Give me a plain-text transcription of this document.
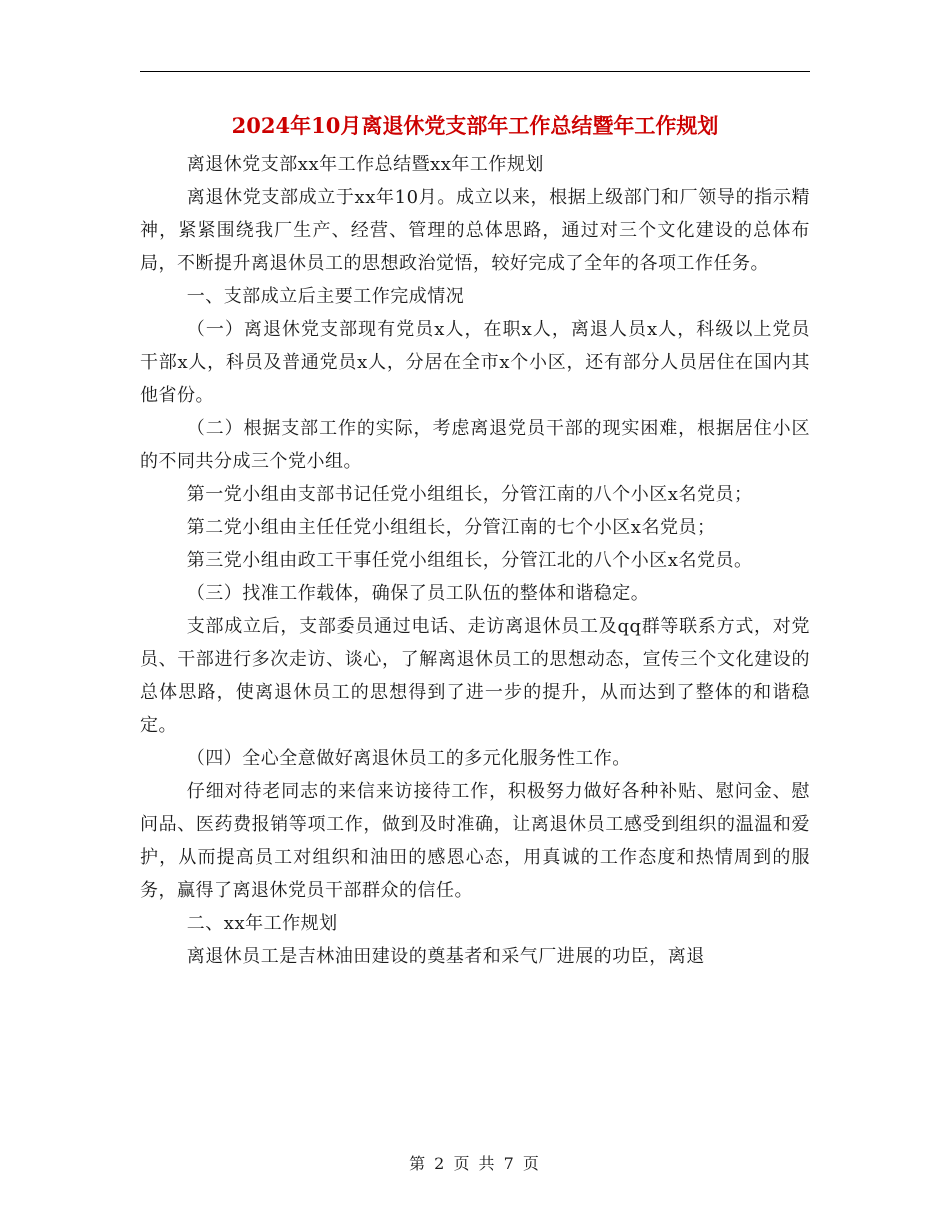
2024年10月离退休党支部年工作总结暨年工作规划

离退休党支部xx年工作总结暨xx年工作规划

离退休党支部成立于xx年10月。成立以来，根据上级部门和厂领导的指示精神，紧紧围绕我厂生产、经营、管理的总体思路，通过对三个文化建设的总体布局，不断提升离退休员工的思想政治觉悟，较好完成了全年的各项工作任务。

一、支部成立后主要工作完成情况

（一）离退休党支部现有党员x人，在职x人，离退人员x人，科级以上党员干部x人，科员及普通党员x人，分居在全市x个小区，还有部分人员居住在国内其他省份。

（二）根据支部工作的实际，考虑离退党员干部的现实困难，根据居住小区的不同共分成三个党小组。

第一党小组由支部书记任党小组组长，分管江南的八个小区x名党员；

第二党小组由主任任党小组组长，分管江南的七个小区x名党员；

第三党小组由政工干事任党小组组长，分管江北的八个小区x名党员。

（三）找准工作载体，确保了员工队伍的整体和谐稳定。

支部成立后，支部委员通过电话、走访离退休员工及qq群等联系方式，对党员、干部进行多次走访、谈心，了解离退休员工的思想动态，宣传三个文化建设的总体思路，使离退休员工的思想得到了进一步的提升，从而达到了整体的和谐稳定。

（四）全心全意做好离退休员工的多元化服务性工作。

仔细对待老同志的来信来访接待工作，积极努力做好各种补贴、慰问金、慰问品、医药费报销等项工作，做到及时准确，让离退休员工感受到组织的温温和爱护，从而提高员工对组织和油田的感恩心态，用真诚的工作态度和热情周到的服务，赢得了离退休党员干部群众的信任。

二、xx年工作规划

离退休员工是吉林油田建设的奠基者和采气厂进展的功臣，离退

第 2 页 共 7 页
